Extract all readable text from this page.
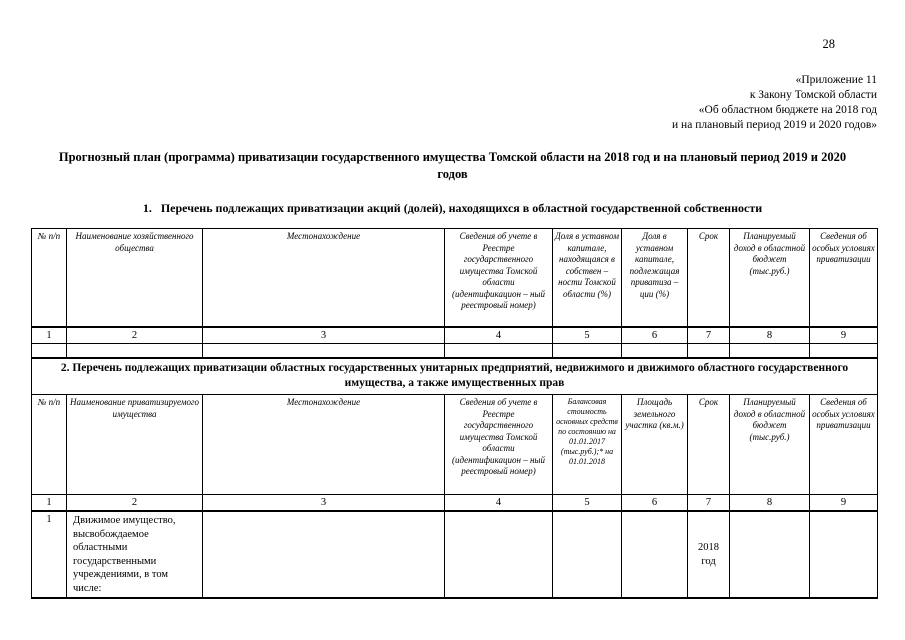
28
«Приложение 11
к Закону Томской области
«Об областном бюджете на 2018 год
и на плановый период 2019 и 2020 годов»
Прогнозный план (программа) приватизации государственного имущества Томской области на 2018 год и на плановый период 2019 и 2020 годов
1. Перечень подлежащих приватизации акций (долей), находящихся в областной государственной собственности
№ п/п	Наименование хозяйственного общества	Местонахождение	Сведения об учете в Реестре государственного имущества Томской области (идентификацион – ный реестровый номер)	Доля в уставном капитале, находящаяся в собствен – ности Томской области (%)	Доля в уставном капитале, подлежащая приватиза – ции (%)	Срок	Планируемый доход в областной бюджет (тыс.руб.)	Сведения об особых условиях приватизации
1	2	3	4	5	6	7	8	9

2. Перечень подлежащих приватизации областных государственных унитарных предприятий, недвижимого и движимого областного государственного имущества, а также имущественных прав								
№ п/п	Наименование приватизируемого имущества	Местонахождение	Сведения об учете в Реестре государственного имущества Томской области (идентификацион – ный реестровый номер)	Балансовая стоимость основных средств по состоянию на 01.01.2017 (тыс.руб.);* на 01.01.2018	Площадь земельного участка (кв.м.)	Срок	Планируемый доход в областной бюджет (тыс.руб.)	Сведения об особых условиях приватизации
1	2	3	4	5	6	7	8	9
1	Движимое имущество, высвобождаемое областными государственными учреждениями, в том числе:					2018 год		
